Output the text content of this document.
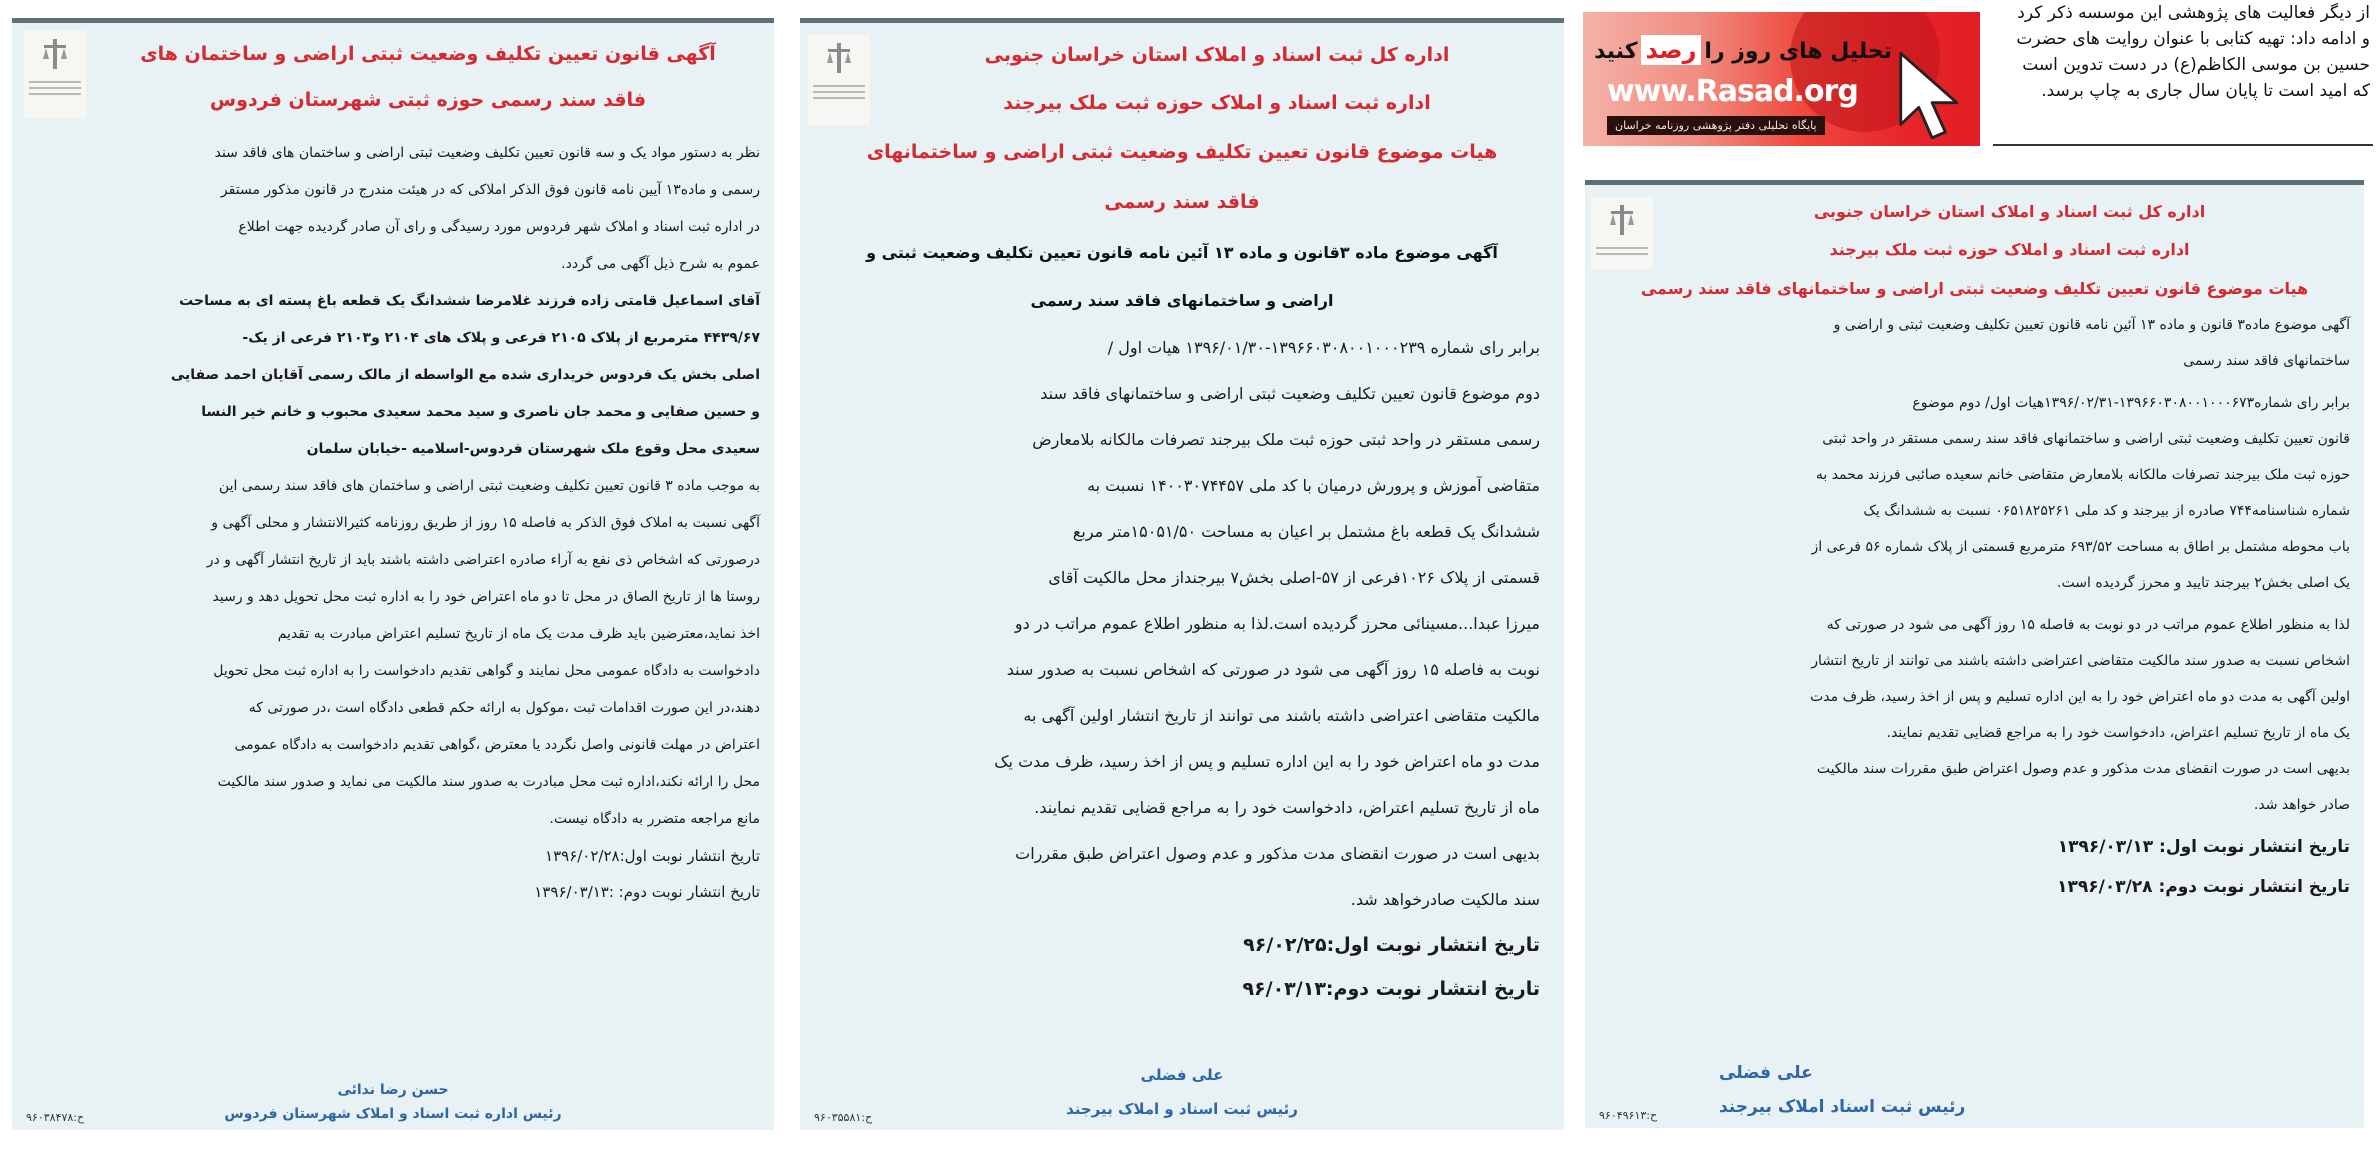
آگهی قانون تعیین تکلیف وضعیت ثبتی اراضی و ساختمان های
فاقد سند رسمی حوزه ثبتی شهرستان فردوس

نظر به دستور مواد یک و سه قانون تعیین تکلیف وضعیت ثبتی اراضی و ساختمان های فاقد سند

رسمی و ماده۱۳ آیین نامه قانون فوق الذکر املاکی که در هیئت مندرج در قانون مذکور مستقر

در اداره ثبت اسناد و املاک شهر فردوس مورد رسیدگی و رای آن صادر گردیده جهت اطلاع

عموم به شرح ذیل آگهی می گردد.

آقای اسماعیل قامتی زاده فرزند غلامرضا ششدانگ یک قطعه باغ پسته ای به مساحت

۴۴۳۹/۶۷ مترمربع از پلاک ۲۱۰۵ فرعی و پلاک های ۲۱۰۴ و۲۱۰۳ فرعی از یک-

اصلی بخش یک فردوس خریداری شده مع الواسطه از مالک رسمی آقایان احمد صفایی

و حسین صفایی و محمد جان ناصری و سید محمد سعیدی محبوب و خانم خیر النسا

سعیدی محل وقوع ملک شهرستان فردوس-اسلامیه -خیابان سلمان

به موجب ماده ۳ قانون تعیین تکلیف وضعیت ثبتی اراضی و ساختمان های فاقد سند رسمی این

آگهی نسبت به املاک فوق الذکر به فاصله ۱۵ روز از طریق روزنامه کثیرالانتشار و محلی آگهی و

درصورتی که اشخاص ذی نفع به آراء صادره اعتراضی داشته باشند باید از تاریخ انتشار آگهی و در

روستا ها از تاریخ الصاق در محل تا دو ماه اعتراض خود را به اداره ثبت محل تحویل دهد و رسید

اخذ نماید،معترضین باید ظرف مدت یک ماه از تاریخ تسلیم اعتراض مبادرت به تقدیم

دادخواست به دادگاه عمومی محل نمایند و گواهی تقدیم دادخواست را به اداره ثبت محل تحویل

دهند،در این صورت اقدامات ثبت ،موکول به ارائه حکم قطعی دادگاه است ،در صورتی که

اعتراض در مهلت قانونی واصل نگردد یا معترض ،گواهی تقدیم دادخواست به دادگاه عمومی

محل را ارائه نکند،اداره ثبت محل مبادرت به صدور سند مالکیت می نماید و صدور سند مالکیت

مانع مراجعه متضرر به دادگاه نیست.

تاریخ انتشار نوبت اول:۱۳۹۶/۰۲/۲۸
تاریخ انتشار نوبت دوم: :۱۳۹۶/۰۳/۱۳
حسن رضا ندائی
رئیس اداره ثبت اسناد و املاک شهرستان فردوس
ح:۹۶۰۳۸۴۷۸
اداره کل ثبت اسناد و املاک استان خراسان جنوبی
اداره ثبت اسناد و املاک حوزه ثبت ملک بیرجند
هیات موضوع قانون تعیین تکلیف وضعیت ثبتی اراضی و ساختمانهای
فاقد سند رسمی
آگهی موضوع ماده ۳قانون و ماده ۱۳ آئین نامه قانون تعیین تکلیف وضعیت ثبتی و
اراضی و ساختمانهای فاقد سند رسمی

برابر رای شماره ۱۳۹۶۶۰۳۰۸۰۰۱۰۰۰۲۳۹-۱۳۹۶/۰۱/۳۰ هیات اول /

دوم موضوع قانون تعیین تکلیف وضعیت ثبتی اراضی و ساختمانهای فاقد سند

رسمی مستقر در واحد ثبتی حوزه ثبت ملک بیرجند تصرفات مالکانه بلامعارض

متقاضی آموزش و پرورش درمیان با کد ملی ۱۴۰۰۳۰۷۴۴۵۷ نسبت به

ششدانگ یک قطعه باغ مشتمل بر اعیان به مساحت ۱۵۰۵۱/۵۰متر مربع

قسمتی از پلاک ۱۰۲۶فرعی از ۵۷-اصلی بخش۷ بیرجنداز محل مالکیت آقای

میرزا عبدا...مسینائی محرز گردیده است.لذا به منظور اطلاع عموم مراتب در دو

نوبت به فاصله ۱۵ روز آگهی می شود در صورتی که اشخاص نسبت به صدور سند

مالکیت متقاضی اعتراضی داشته باشند می توانند از تاریخ انتشار اولین آگهی به

مدت دو ماه اعتراض خود را به این اداره تسلیم و پس از اخذ رسید، ظرف مدت یک

ماه از تاریخ تسلیم اعتراض، دادخواست خود را به مراجع قضایی تقدیم نمایند.

بدیهی است در صورت انقضای مدت مذکور و عدم وصول اعتراض طبق مقررات

سند مالکیت صادرخواهد شد.

تاریخ انتشار نوبت اول:۹۶/۰۲/۲۵
تاریخ انتشار نوبت دوم:۹۶/۰۳/۱۳
علی فضلی
رئیس ثبت اسناد و املاک بیرجند
ح:۹۶۰۳۵۵۸۱
تحلیل های روز رارصدکنید
www.Rasad.org
پایگاه تحلیلی دفتر پژوهشی روزنامه خراسان
از دیگر فعالیت های پژوهشی این موسسه ذکر کرد
و ادامه داد: تهیه کتابی با عنوان روایت های حضرت
حسین بن موسی الکاظم(ع) در دست تدوین است
که امید است تا پایان سال جاری به چاپ برسد.
اداره کل ثبت اسناد و املاک استان خراسان جنوبی
اداره ثبت اسناد و املاک حوزه ثبت ملک بیرجند
هیات موضوع قانون تعیین تکلیف وضعیت ثبتی اراضی و ساختمانهای فاقد سند رسمی

آگهی موضوع ماده۳ قانون و ماده ۱۳ آئین نامه قانون تعیین تکلیف وضعیت ثبتی و اراضی و

ساختمانهای فاقد سند رسمی

برابر رای شماره۱۳۹۶۶۰۳۰۸۰۰۱۰۰۰۶۷۳-۱۳۹۶/۰۲/۳۱هیات اول/ دوم موضوع

قانون تعیین تکلیف وضعیت ثبتی اراضی و ساختمانهای فاقد سند رسمی مستقر در واحد ثبتی

حوزه ثبت ملک بیرجند تصرفات مالکانه بلامعارض متقاضی خانم سعیده صائبی فرزند محمد به

شماره شناسنامه۷۴۴ صادره از بیرجند و کد ملی ۰۶۵۱۸۲۵۲۶۱ نسبت به ششدانگ یک

باب محوطه مشتمل بر اطاق به مساحت ۶۹۳/۵۲ مترمربع قسمتی از پلاک شماره ۵۶ فرعی از

یک اصلی بخش۲ بیرجند تایید و محرز گردیده است.

لذا به منظور اطلاع عموم مراتب در دو نوبت به فاصله ۱۵ روز آگهی می شود در صورتی که

اشخاص نسبت به صدور سند مالکیت متقاضی اعتراضی داشته باشند می توانند از تاریخ انتشار

اولین آگهی به مدت دو ماه اعتراض خود را به این اداره تسلیم و پس از اخذ رسید، ظرف مدت

یک ماه از تاریخ تسلیم اعتراض، دادخواست خود را به مراجع قضایی تقدیم نمایند.

بدیهی است در صورت انقضای مدت مذکور و عدم وصول اعتراض طبق مقررات سند مالکیت

صادر خواهد شد.

تاریخ انتشار نوبت اول: ۱۳۹۶/۰۳/۱۳
تاریخ انتشار نوبت دوم: ۱۳۹۶/۰۳/۲۸
علی فضلی
رئیس ثبت اسناد املاک بیرجند
ح:۹۶۰۴۹۶۱۳
